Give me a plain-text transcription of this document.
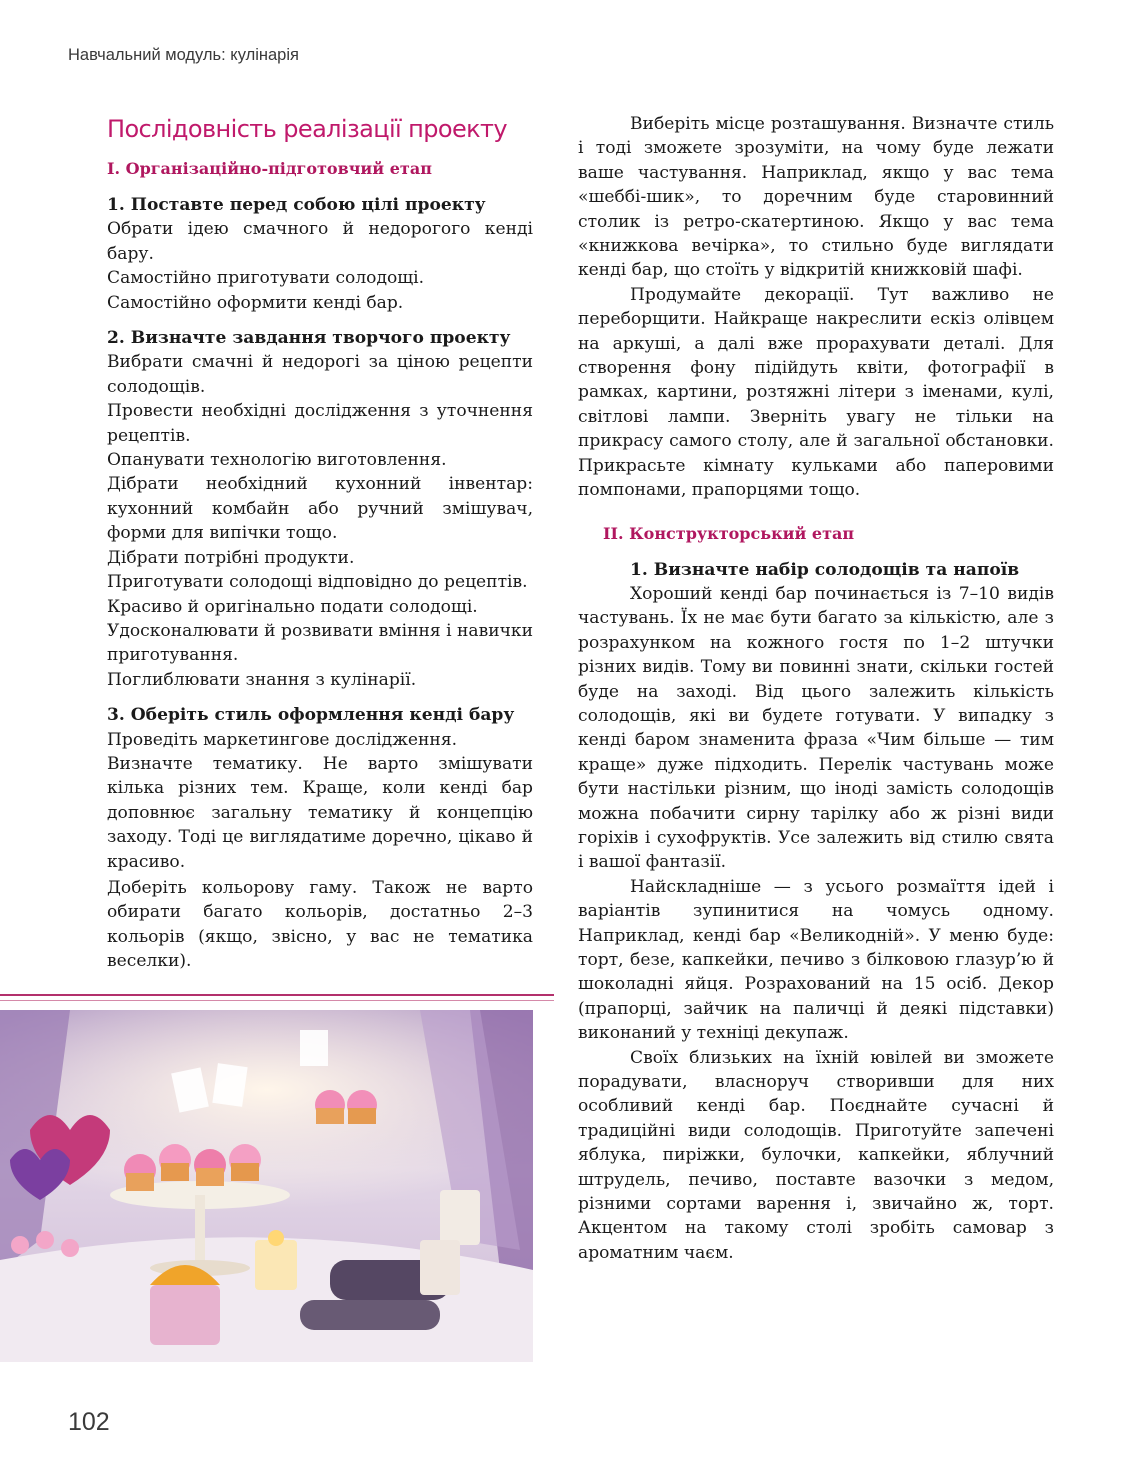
Навчальний модуль: кулінарія
Послідовність реалізації проекту
І. Організаційно-підготовчий етап
1. Поставте перед собою цілі проекту

Обрати ідею смачного й недорогого кенді бару.

Самостійно приготувати солодощі.

Самостійно оформити кенді бар.

2. Визначте завдання творчого проекту

Вибрати смачні й недорогі за ціною рецепти солодощів.

Провести необхідні дослідження з уточнення рецептів.

Опанувати технологію виготовлення.

Дібрати необхідний кухонний інвентар: кухонний комбайн або ручний змішувач, форми для випічки тощо.

Дібрати потрібні продукти.

Приготувати солодощі відповідно до рецептів.

Красиво й оригінально подати солодощі.

Удосконалювати й розвивати вміння і навички приготування.

Поглиблювати знання з кулінарії.

3. Оберіть стиль оформлення кенді бару

Проведіть маркетингове дослідження.

Визначте тематику. Не варто змішувати кілька різних тем. Краще, коли кенді бар доповнює загальну тематику й концепцію заходу. Тоді це виглядатиме доречно, цікаво й красиво.

Доберіть кольорову гаму. Також не варто обирати багато кольорів, достатньо 2–3 кольорів (якщо, звісно, у вас не тематика веселки).

Виберіть місце розташування. Визначте стиль і тоді зможете зрозуміти, на чому буде лежати ваше частування. Наприклад, якщо у вас тема «шеббі-шик», то доречним буде старовинний столик із ретро-скатертиною. Якщо у вас тема «книжкова вечірка», то стильно буде виглядати кенді бар, що стоїть у відкритій книжковій шафі.

Продумайте декорації. Тут важливо не переборщити. Найкраще накреслити ескіз олівцем на аркуші, а далі вже прорахувати деталі. Для створення фону підійдуть квіти, фотографії в рамках, картини, розтяжні літери з іменами, кулі, світлові лампи. Зверніть увагу не тільки на прикрасу самого столу, але й загальної обстановки. Прикрасьте кімнату кульками або паперовими помпонами, прапорцями тощо.

ІІ. Конструкторський етап
1. Визначте набір солодощів та напоїв

Хороший кенді бар починається із 7–10 видів частувань. Їх не має бути багато за кількістю, але з розрахунком на кожного гостя по 1–2 штучки різних видів. Тому ви повинні знати, скільки гостей буде на заході. Від цього залежить кількість солодощів, які ви будете готувати. У випадку з кенді баром знаменита фраза «Чим більше — тим краще» дуже підходить. Перелік частувань може бути настільки різним, що іноді замість солодощів можна побачити сирну тарілку або ж різні види горіхів і сухофруктів. Усе залежить від стилю свята і вашої фантазії.

Найскладніше — з усього розмаїття ідей і варіантів зупинитися на чомусь одному. Наприклад, кенді бар «Великодній». У меню буде: торт, безе, капкейки, печиво з білковою глазур’ю й шоколадні яйця. Розрахований на 15 осіб. Декор (прапорці, зайчик на паличці й деякі підставки) виконаний у техніці декупаж.

Своїх близьких на їхній ювілей ви зможете порадувати, власноруч створивши для них особливий кенді бар. Поєднайте сучасні й традиційні види солодощів. Приготуйте запечені яблука, пиріжки, булочки, капкейки, яблучний штрудель, печиво, поставте вазочки з медом, різними сортами варення і, звичайно ж, торт. Акцентом на такому столі зробіть самовар з ароматним чаєм.

102
